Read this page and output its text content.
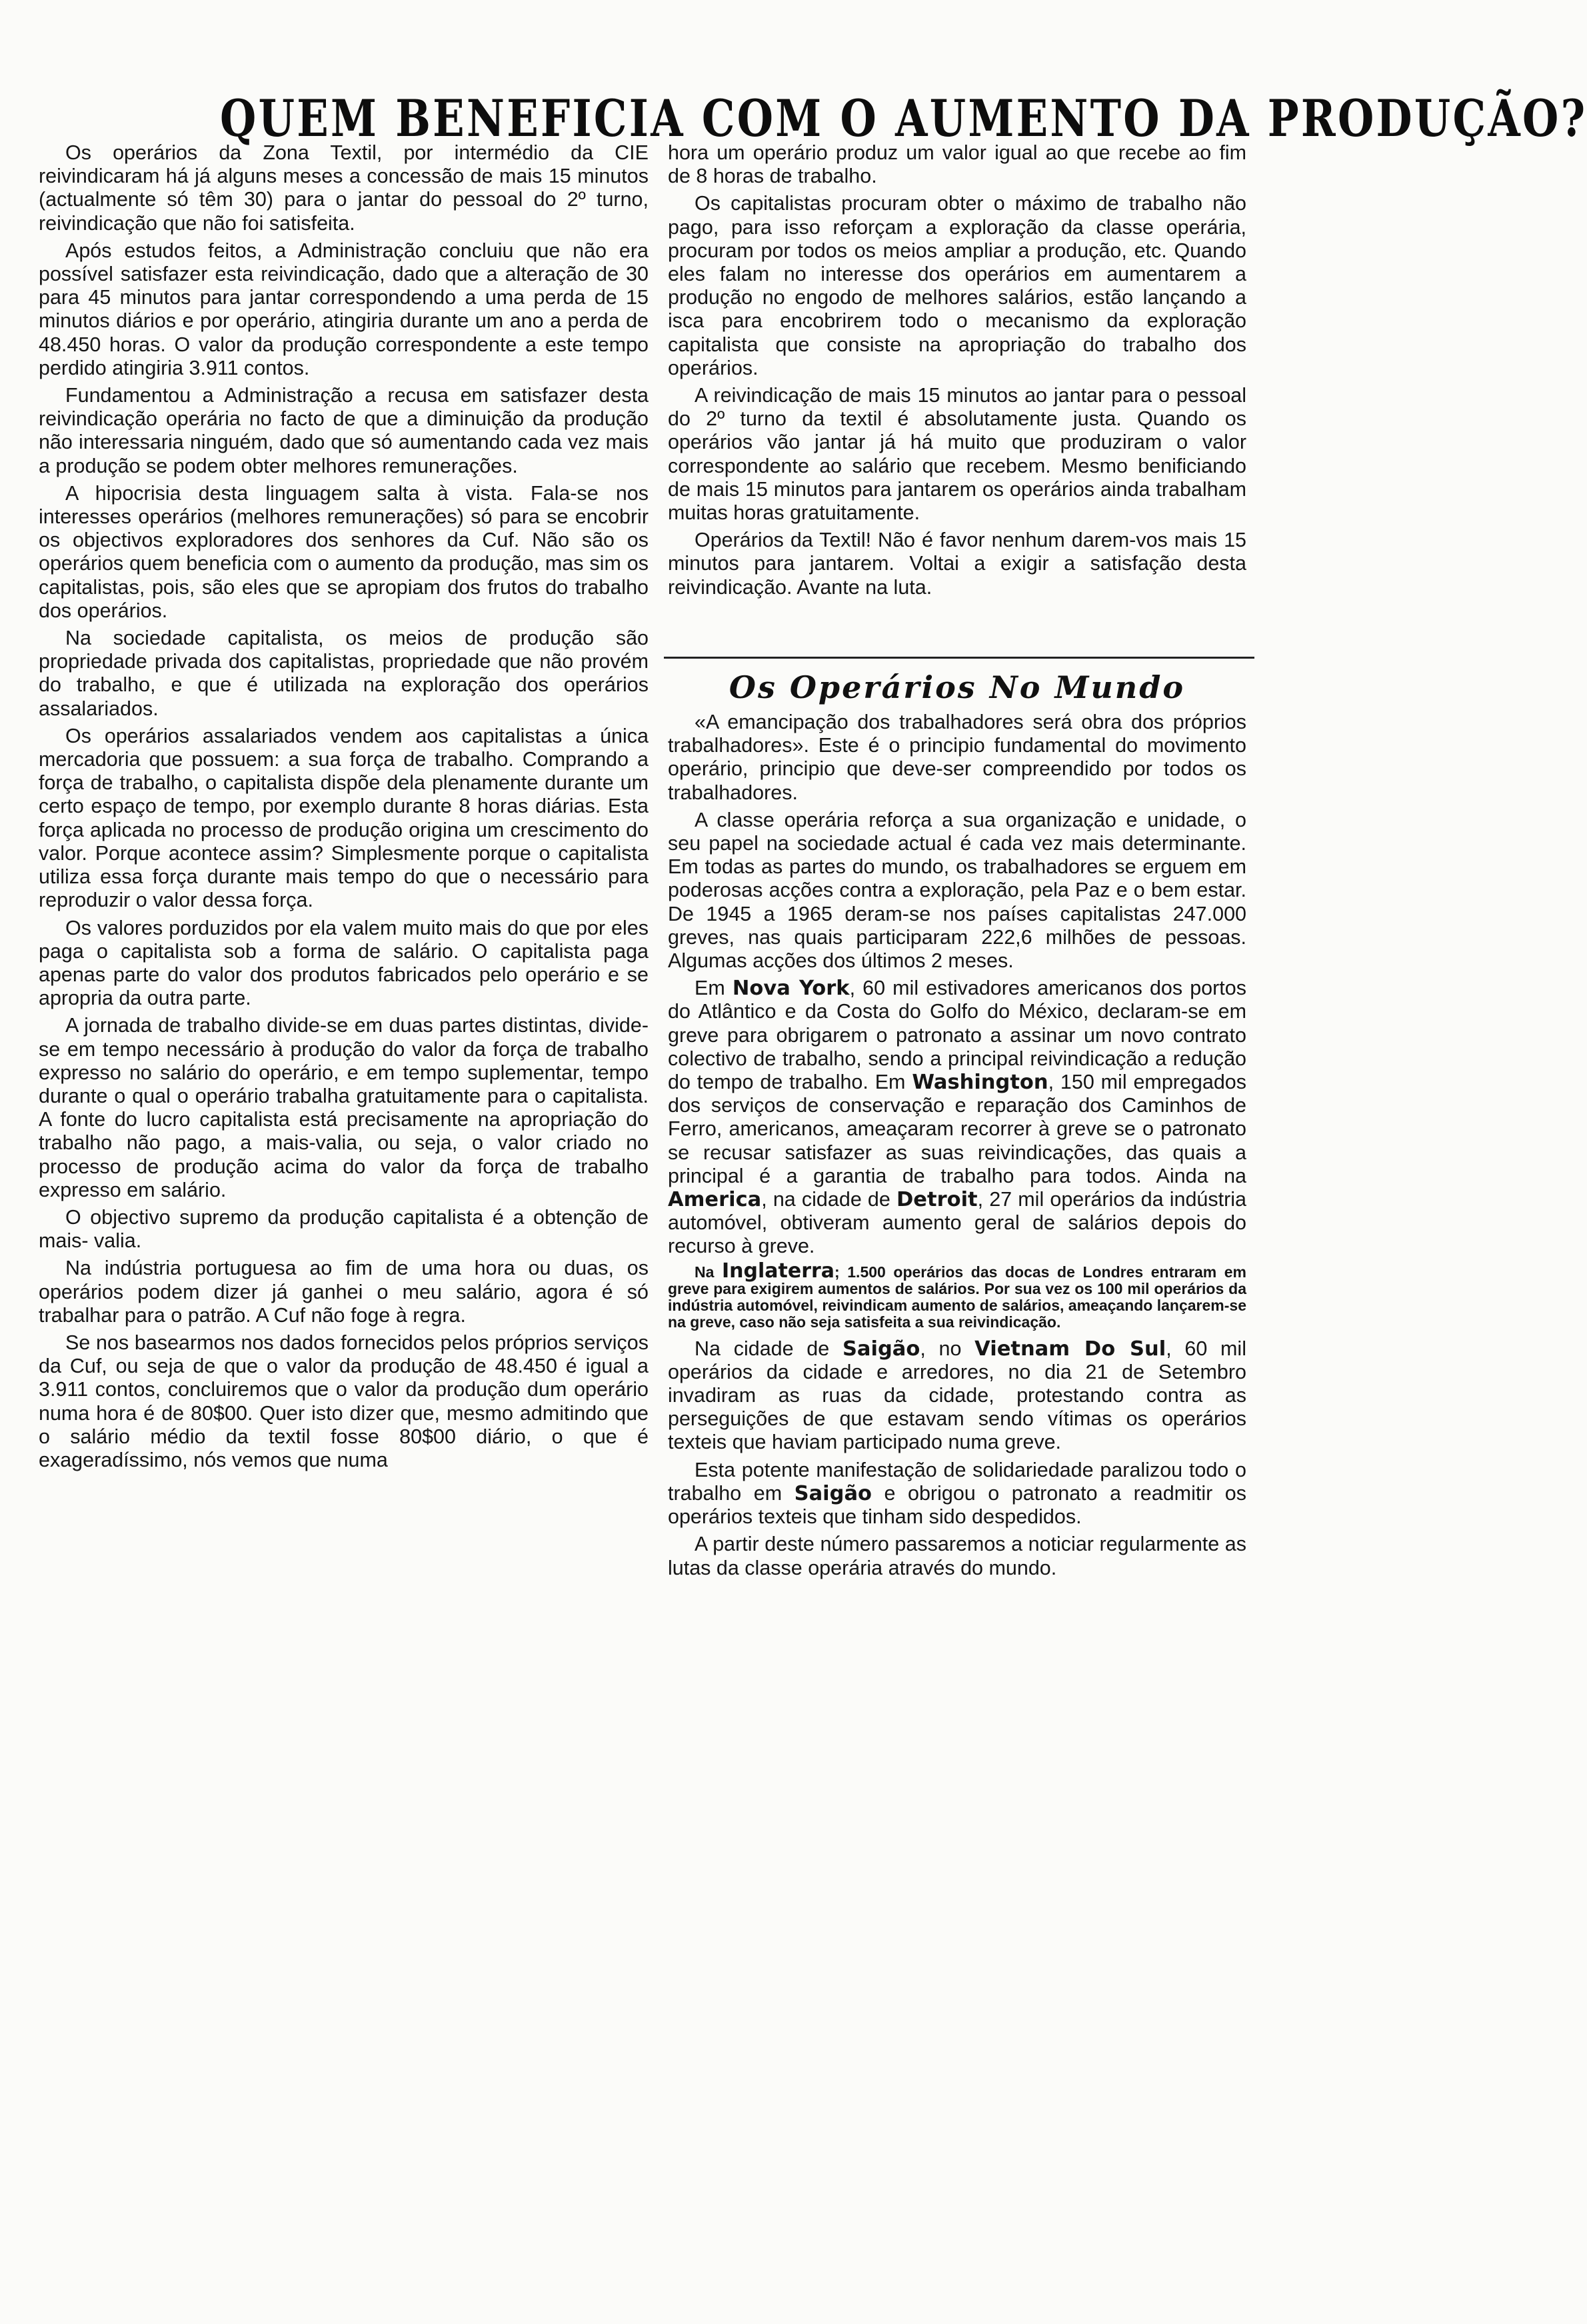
QUEM BENEFICIA COM O AUMENTO DA PRODUÇÃO?

Os operários da Zona Textil, por intermédio da CIE reivindicaram há já alguns meses a concessão de mais 15 minutos (actualmente só têm 30) para o jantar do pessoal do 2º turno, reivindicação que não foi satisfeita.

Após estudos feitos, a Administração concluiu que não era possível satisfazer esta reivindicação, dado que a alteração de 30 para 45 minutos para jantar correspondendo a uma perda de 15 minutos diários e por operário, atingiria durante um ano a perda de 48.450 horas. O valor da produção correspondente a este tempo perdido atingiria 3.911 contos.

Fundamentou a Administração a recusa em satisfazer desta reivindicação operária no facto de que a diminuição da produção não interessaria ninguém, dado que só aumentando cada vez mais a produção se podem obter melhores remunerações.

A hipocrisia desta linguagem salta à vista. Fala-se nos interesses operários (melhores remunerações) só para se encobrir os objectivos exploradores dos senhores da Cuf. Não são os operários quem beneficia com o aumento da produção, mas sim os capitalistas, pois, são eles que se apropiam dos frutos do trabalho dos operários.

Na sociedade capitalista, os meios de produção são propriedade privada dos capitalistas, propriedade que não provém do trabalho, e que é utilizada na exploração dos operários assalariados.

Os operários assalariados vendem aos capitalistas a única mercadoria que possuem: a sua força de trabalho. Comprando a força de trabalho, o capitalista dispõe dela plenamente durante um certo espaço de tempo, por exemplo durante 8 horas diárias. Esta força aplicada no processo de produção origina um crescimento do valor. Porque acontece assim? Simplesmente porque o capitalista utiliza essa força durante mais tempo do que o necessário para reproduzir o valor dessa força.

Os valores porduzidos por ela valem muito mais do que por eles paga o capitalista sob a forma de salário. O capitalista paga apenas parte do valor dos produtos fabricados pelo operário e se apropria da outra parte.

A jornada de trabalho divide-se em duas partes distintas, divide-se em tempo necessário à produção do valor da força de trabalho expresso no salário do operário, e em tempo suplementar, tempo durante o qual o operário trabalha gratuitamente para o capitalista. A fonte do lucro capitalista está precisamente na apropriação do trabalho não pago, a mais-valia, ou seja, o valor criado no processo de produção acima do valor da força de trabalho expresso em salário.

O objectivo supremo da produção capitalista é a obtenção de mais- valia.

Na indústria portuguesa ao fim de uma hora ou duas, os operários podem dizer já ganhei o meu salário, agora é só trabalhar para o patrão. A Cuf não foge à regra.

Se nos basearmos nos dados fornecidos pelos próprios serviços da Cuf, ou seja de que o valor da produção de 48.450 é igual a 3.911 contos, concluiremos que o valor da produção dum operário numa hora é de 80$00. Quer isto dizer que, mesmo admitindo que o salário médio da textil fosse 80$00 diário, o que é exageradíssimo, nós vemos que numa

hora um operário produz um valor igual ao que recebe ao fim de 8 horas de trabalho.

Os capitalistas procuram obter o máximo de trabalho não pago, para isso reforçam a exploração da classe operária, procuram por todos os meios ampliar a produção, etc. Quando eles falam no interesse dos operários em aumentarem a produção no engodo de melhores salários, estão lançando a isca para encobrirem todo o mecanismo da exploração capitalista que consiste na apropriação do trabalho dos operários.

A reivindicação de mais 15 minutos ao jantar para o pessoal do 2º turno da textil é absolutamente justa. Quando os operários vão jantar já há muito que produziram o valor correspondente ao salário que recebem. Mesmo benificiando de mais 15 minutos para jantarem os operários ainda trabalham muitas horas gratuitamente.

Operários da Textil! Não é favor nenhum darem-vos mais 15 minutos para jantarem. Voltai a exigir a satisfação desta reivindicação. Avante na luta.

Os Operários No Mundo

«A emancipação dos trabalhadores será obra dos próprios trabalhadores». Este é o principio fundamental do movimento operário, principio que deve-ser compreendido por todos os trabalhadores.

A classe operária reforça a sua organização e unidade, o seu papel na sociedade actual é cada vez mais determinante. Em todas as partes do mundo, os trabalhadores se erguem em poderosas acções contra a exploração, pela Paz e o bem estar. De 1945 a 1965 deram-se nos países capitalistas 247.000 greves, nas quais participaram 222,6 milhões de pessoas. Algumas acções dos últimos 2 meses.

Em Nova York, 60 mil estivadores americanos dos portos do Atlântico e da Costa do Golfo do México, declaram-se em greve para obrigarem o patronato a assinar um novo contrato colectivo de trabalho, sendo a principal reivindicação a redução do tempo de trabalho. Em Washington, 150 mil empregados dos serviços de conservação e reparação dos Caminhos de Ferro, americanos, ameaçaram recorrer à greve se o patronato se recusar satisfazer as suas reivindicações, das quais a principal é a garantia de trabalho para todos. Ainda na America, na cidade de Detroit, 27 mil operários da indústria automóvel, obtiveram aumento geral de salários depois do recurso à greve.

Na Inglaterra; 1.500 operários das docas de Londres entraram em greve para exigirem aumentos de salários. Por sua vez os 100 mil operários da indústria automóvel, reivindicam aumento de salários, ameaçando lançarem-se na greve, caso não seja satisfeita a sua reivindicação.

Na cidade de Saigão, no Vietnam Do Sul, 60 mil operários da cidade e arredores, no dia 21 de Setembro invadiram as ruas da cidade, protestando contra as perseguições de que estavam sendo vítimas os operários texteis que haviam participado numa greve.

Esta potente manifestação de solidariedade paralizou todo o trabalho em Saigão e obrigou o patronato a readmitir os operários texteis que tinham sido despedidos.

A partir deste número passaremos a noticiar regularmente as lutas da classe operária através do mundo.
